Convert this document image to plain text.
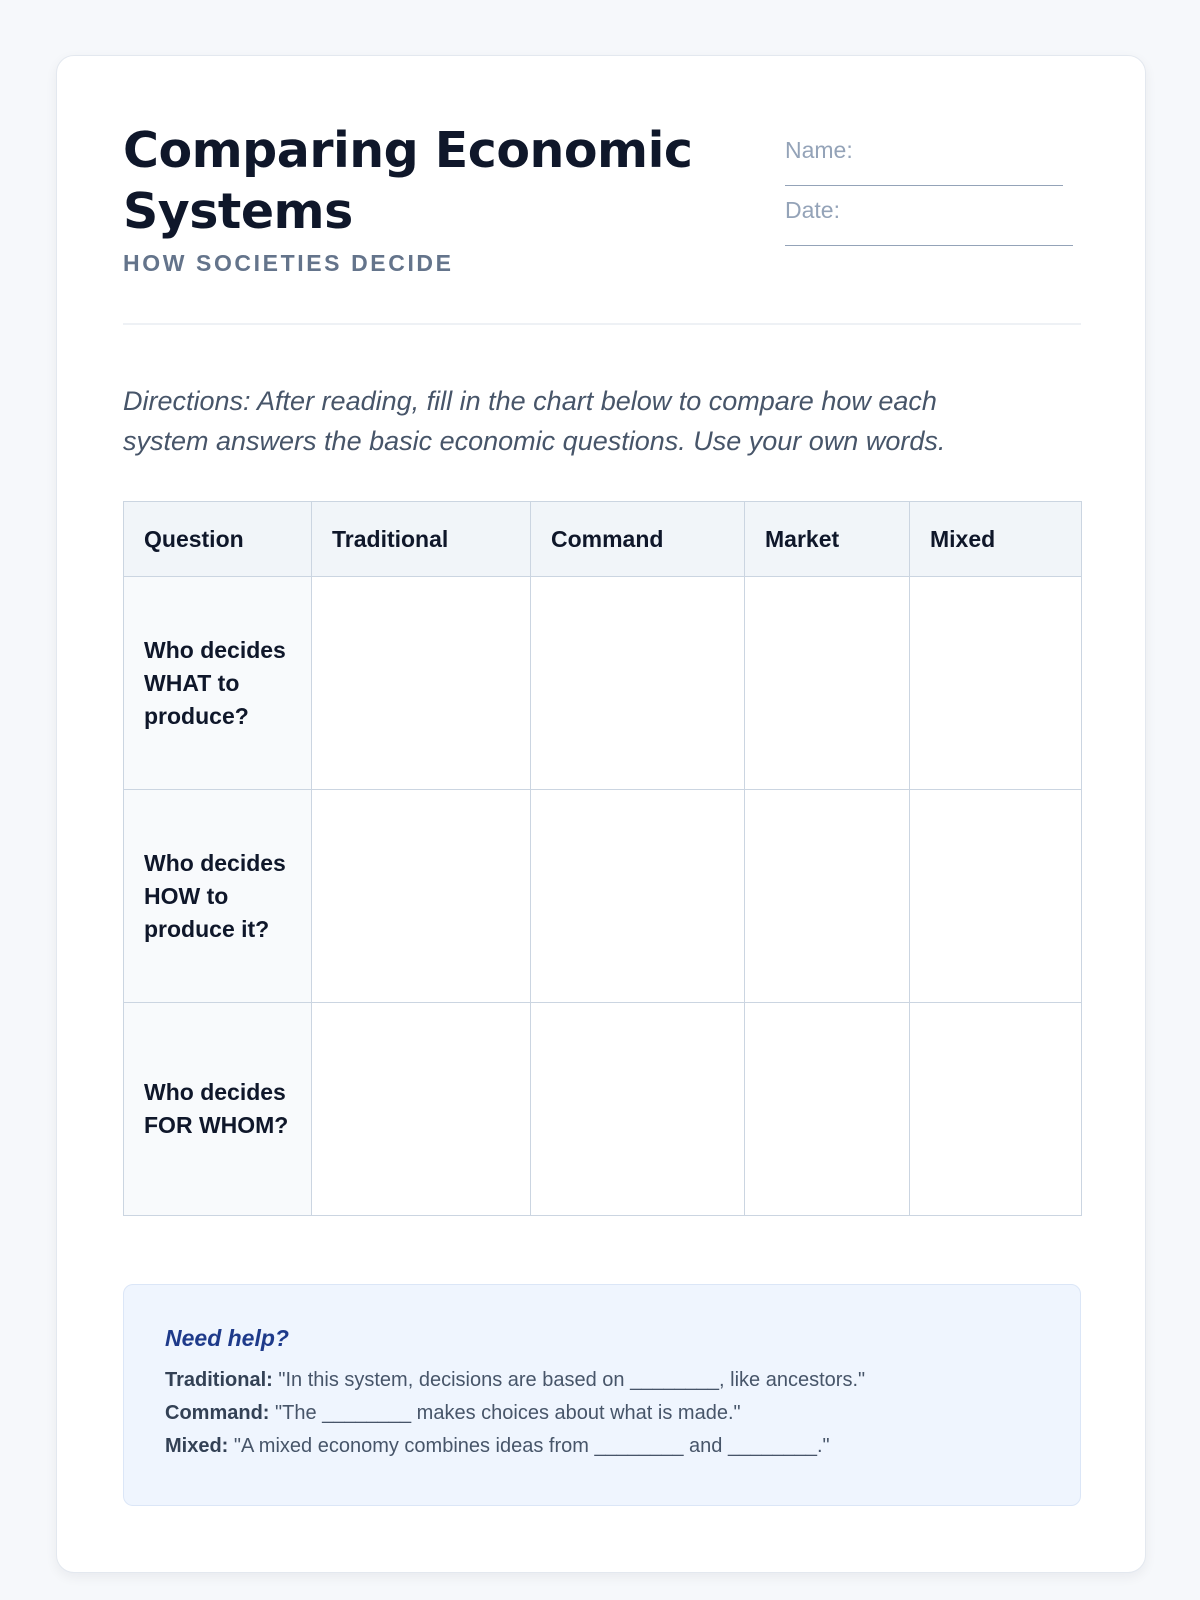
Comparing Economic Systems
HOW SOCIETIES DECIDE
Name:
Date:

Directions: After reading, fill in the chart below to compare how each system answers the basic economic questions. Use your own words.

Question	Traditional	Command	Market	Mixed
Who decides WHAT to produce?				
Who decides HOW to produce it?				
Who decides FOR WHOM?				
Need help?
Traditional: "In this system, decisions are based on ________, like ancestors."
Command: "The ________ makes choices about what is made."
Mixed: "A mixed economy combines ideas from ________ and ________."
